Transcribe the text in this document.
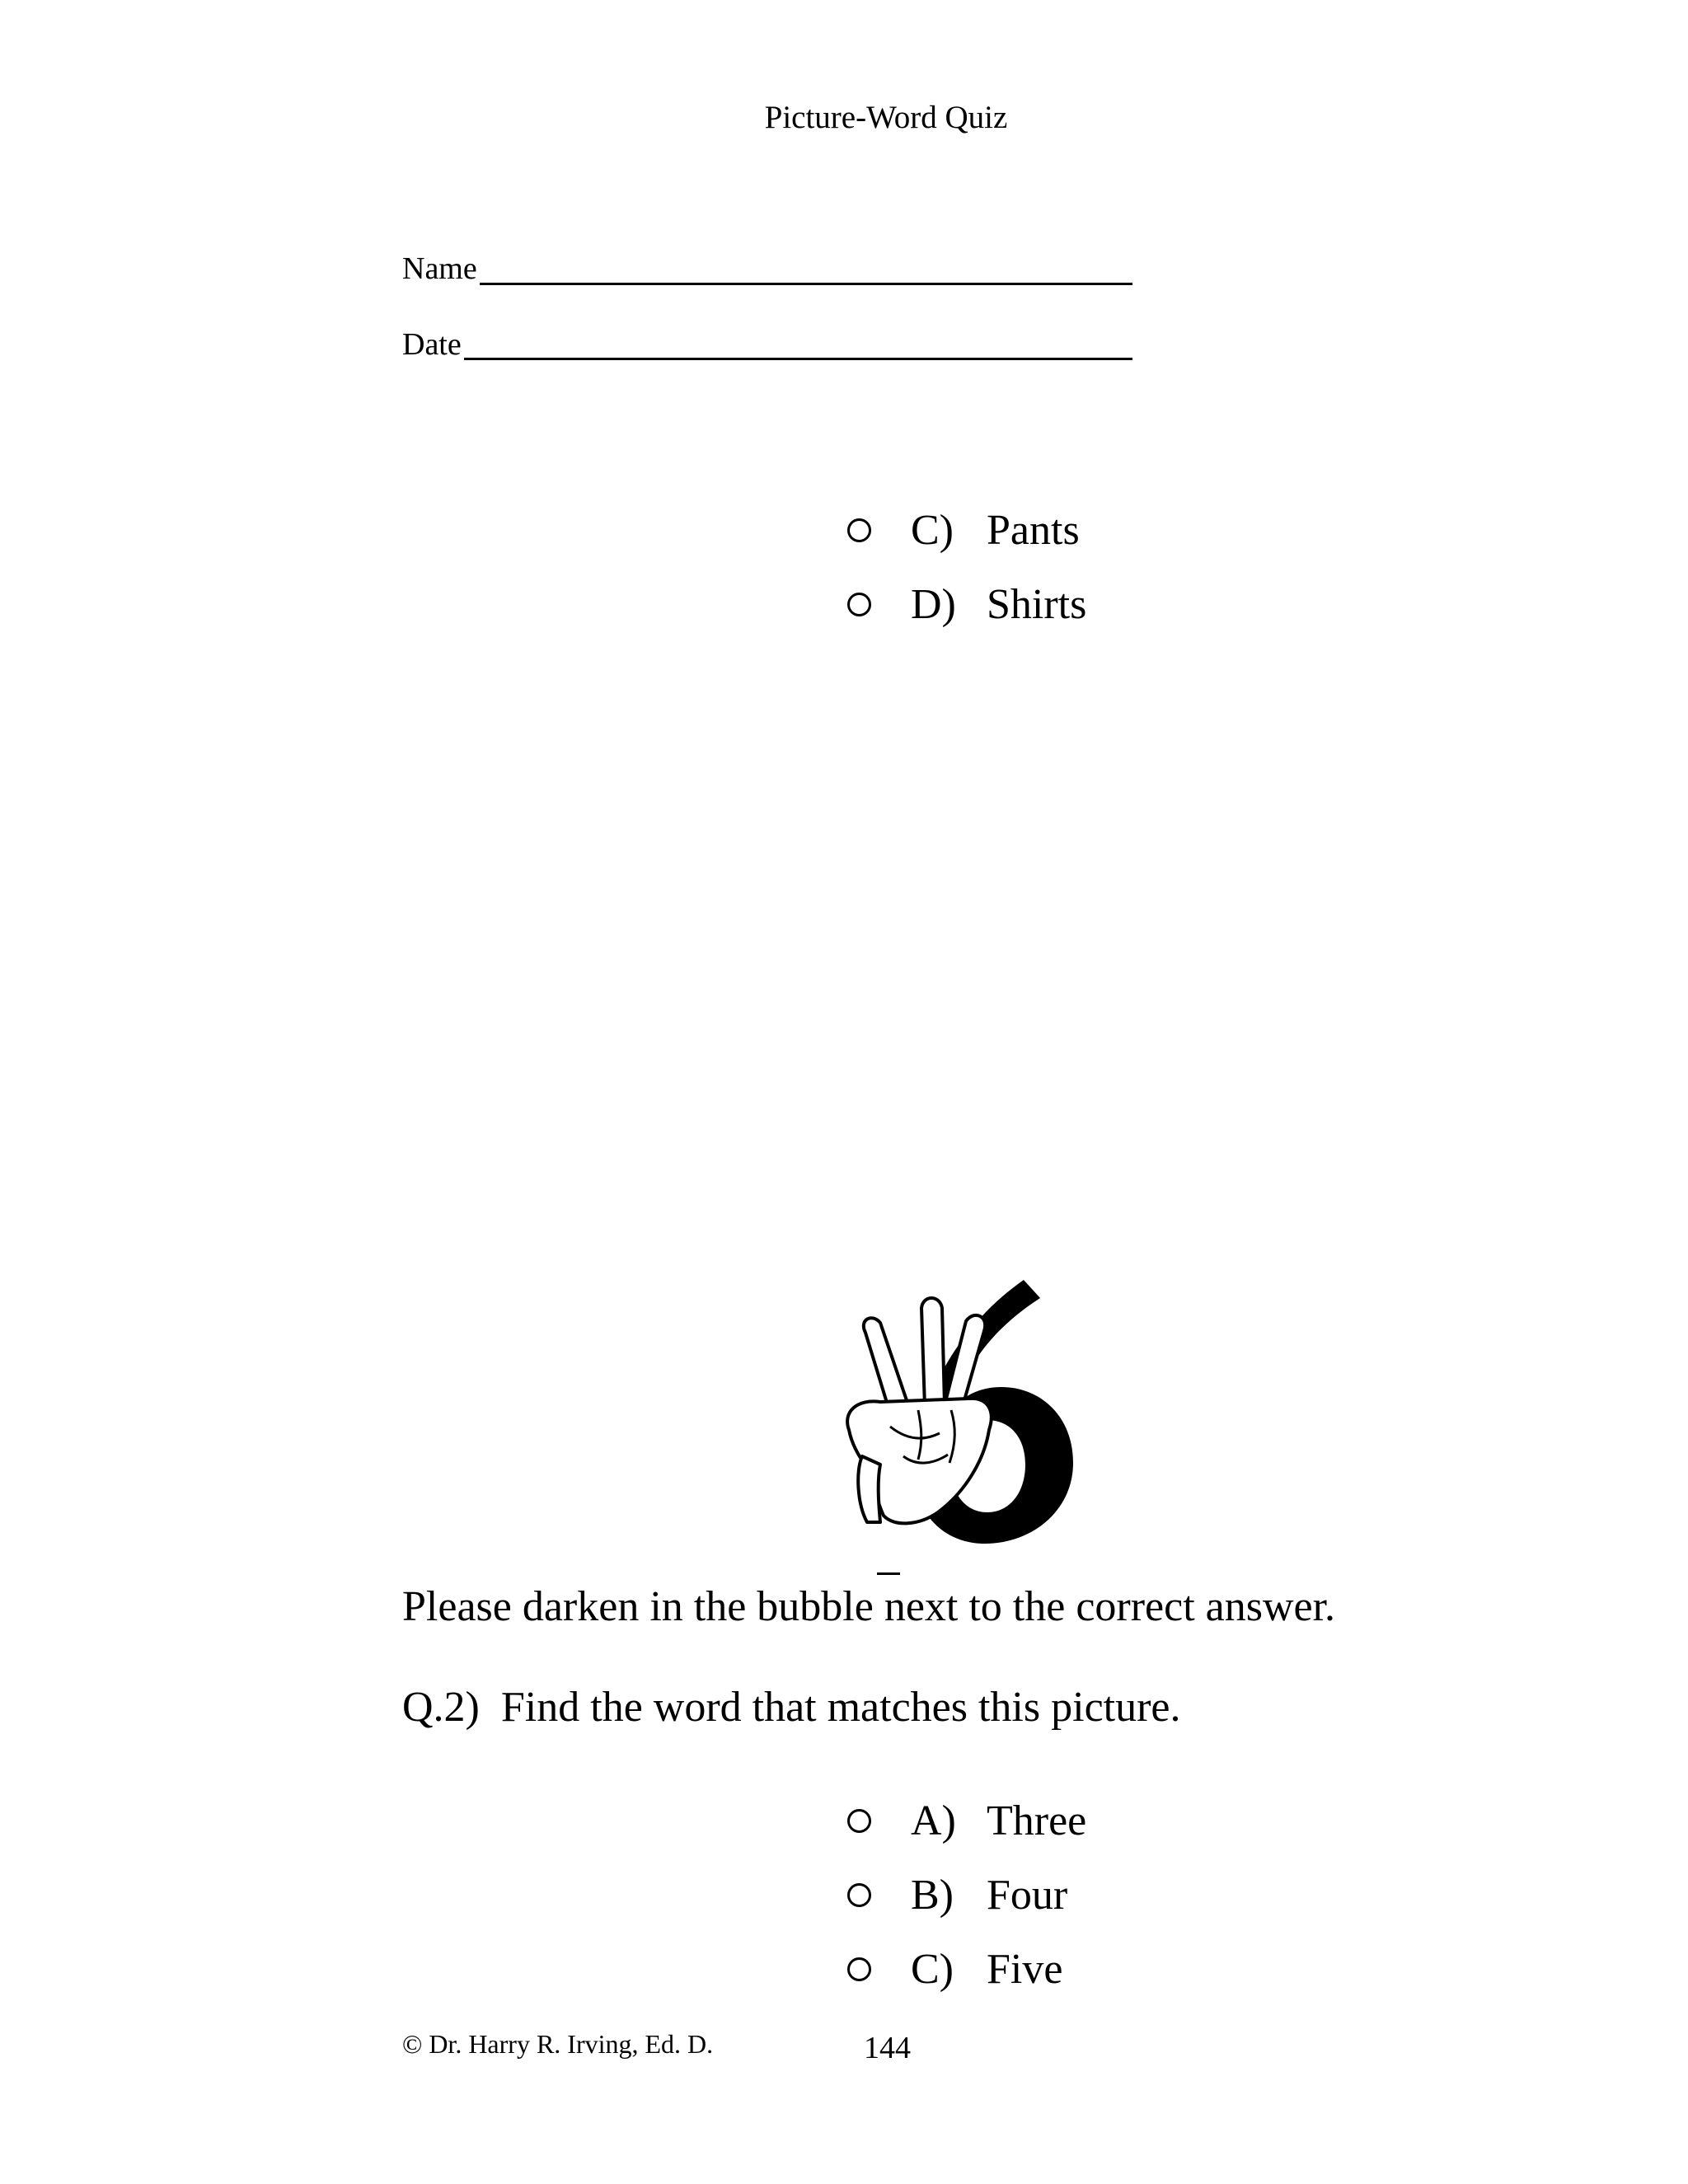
Picture-Word Quiz
Name
Date
C) Pants
D) Shirts
Please darken in the bubble next to the correct answer.
Q.2) Find the word that matches this picture.
A) Three
B) Four
C) Five
© Dr. Harry R. Irving, Ed. D.	144
